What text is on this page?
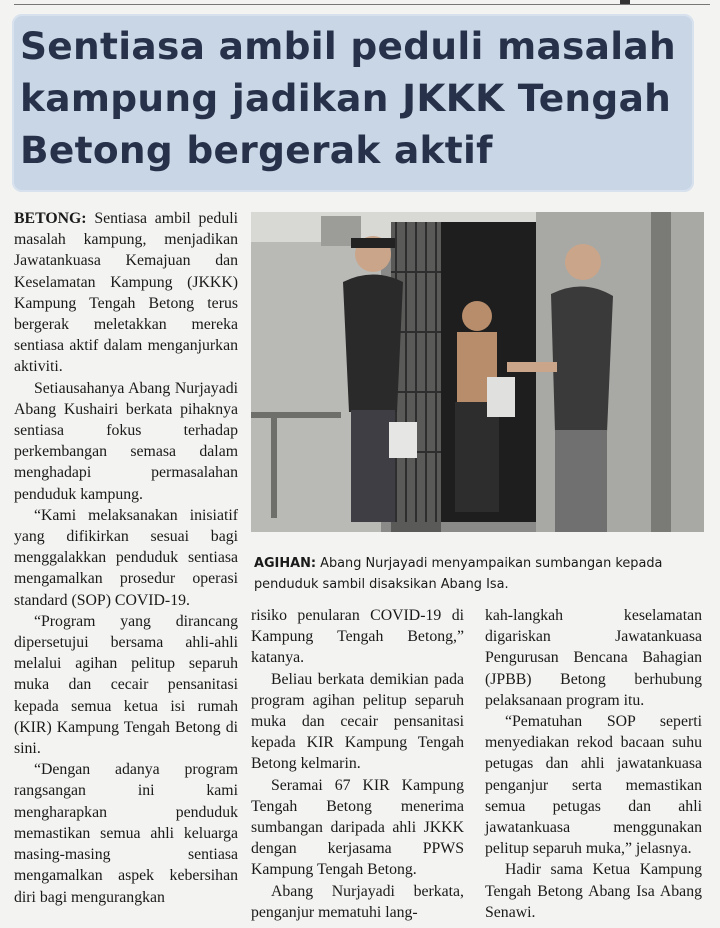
Sentiasa ambil peduli masalah kampung jadikan JKKK Tengah Betong bergerak aktif

BETONG: Sentiasa ambil peduli masalah kampung, menjadikan Jawatankuasa Kemajuan dan Keselamatan Kampung (JKKK) Kampung Tengah Betong terus bergerak meletakkan mereka sentiasa aktif dalam menganjurkan aktiviti.

Setiausahanya Abang Nurjayadi Abang Kushairi berkata pihaknya sentiasa fokus terhadap perkembangan semasa dalam menghadapi permasalahan penduduk kampung.

“Kami melaksanakan inisiatif yang difikirkan sesuai bagi menggalakkan penduduk sentiasa mengamalkan prosedur operasi standard (SOP) COVID-19.

“Program yang dirancang dipersetujui bersama ahli-ahli melalui agihan pelitup separuh muka dan cecair pensanitasi kepada semua ketua isi rumah (KIR) Kampung Tengah Betong di sini.

“Dengan adanya program rangsangan ini kami mengharapkan penduduk memastikan semua ahli keluarga masing-masing sentiasa mengamalkan aspek kebersihan diri bagi mengurangkan

AGIHAN: Abang Nurjayadi menyampaikan sumbangan kepada penduduk sambil disaksikan Abang Isa.

risiko penularan COVID-19 di Kampung Tengah Betong,” katanya.

Beliau berkata demikian pada program agihan pelitup separuh muka dan cecair pensanitasi kepada KIR Kampung Tengah Betong kelmarin.

Seramai 67 KIR Kampung Tengah Betong menerima sumbangan daripada ahli JKKK dengan kerjasama PPWS Kampung Tengah Betong.

Abang Nurjayadi berkata, penganjur mematuhi lang-

kah-langkah keselamatan digariskan Jawatankuasa Pengurusan Bencana Bahagian (JPBB) Betong berhubung pelaksanaan program itu.

“Pematuhan SOP seperti menyediakan rekod bacaan suhu petugas dan ahli jawatankuasa penganjur serta memastikan semua petugas dan ahli jawatankuasa menggunakan pelitup separuh muka,” jelasnya.

Hadir sama Ketua Kampung Tengah Betong Abang Isa Abang Senawi.
